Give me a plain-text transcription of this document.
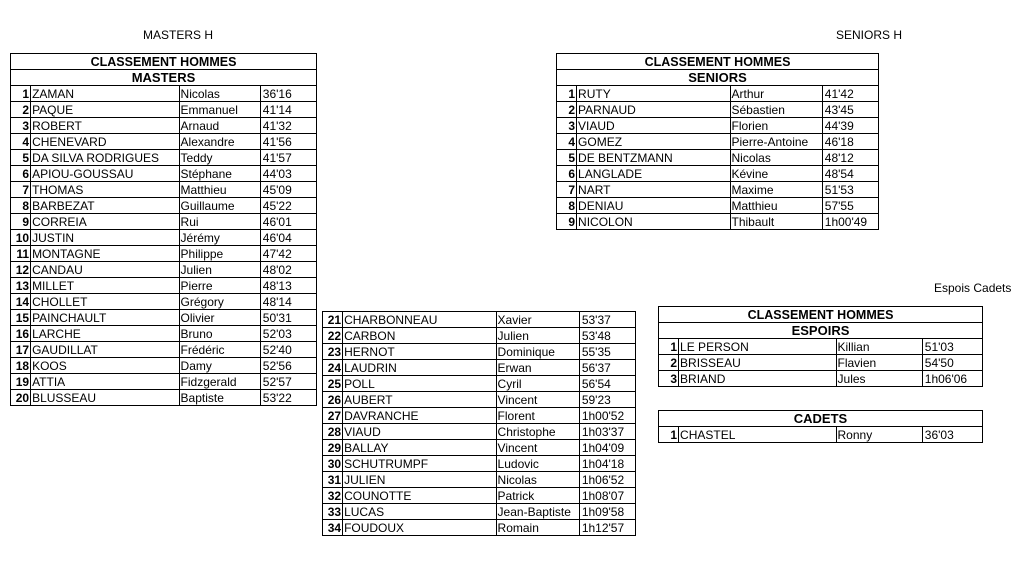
MASTERS H	SENIORS H
Espois Cadets
CLASSEMENT HOMMES			
MASTERS			
1	ZAMAN	Nicolas	36'16
2	PAQUE	Emmanuel	41'14
3	ROBERT	Arnaud	41'32
4	CHENEVARD	Alexandre	41'56
5	DA SILVA RODRIGUES	Teddy	41'57
6	APIOU-GOUSSAU	Stéphane	44'03
7	THOMAS	Matthieu	45'09
8	BARBEZAT	Guillaume	45'22
9	CORREIA	Rui	46'01
10	JUSTIN	Jérémy	46'04
11	MONTAGNE	Philippe	47'42
12	CANDAU	Julien	48'02
13	MILLET	Pierre	48'13
14	CHOLLET	Grégory	48'14
15	PAINCHAULT	Olivier	50'31
16	LARCHE	Bruno	52'03
17	GAUDILLAT	Frédéric	52'40
18	KOOS	Damy	52'56
19	ATTIA	Fidzgerald	52'57
20	BLUSSEAU	Baptiste	53'22
21	CHARBONNEAU	Xavier	53'37
22	CARBON	Julien	53'48
23	HERNOT	Dominique	55'35
24	LAUDRIN	Erwan	56'37
25	POLL	Cyril	56'54
26	AUBERT	Vincent	59'23
27	DAVRANCHE	Florent	1h00'52
28	VIAUD	Christophe	1h03'37
29	BALLAY	Vincent	1h04'09
30	SCHUTRUMPF	Ludovic	1h04'18
31	JULIEN	Nicolas	1h06'52
32	COUNOTTE	Patrick	1h08'07
33	LUCAS	Jean-Baptiste	1h09'58
34	FOUDOUX	Romain	1h12'57
CLASSEMENT HOMMES			
SENIORS			
1	RUTY	Arthur	41'42
2	PARNAUD	Sébastien	43'45
3	VIAUD	Florien	44'39
4	GOMEZ	Pierre-Antoine	46'18
5	DE BENTZMANN	Nicolas	48'12
6	LANGLADE	Kévine	48'54
7	NART	Maxime	51'53
8	DENIAU	Matthieu	57'55
9	NICOLON	Thibault	1h00'49
CLASSEMENT HOMMES			
ESPOIRS			
1	LE PERSON	Killian	51'03
2	BRISSEAU	Flavien	54'50
3	BRIAND	Jules	1h06'06
CADETS
1	CHASTEL	Ronny	36'03
